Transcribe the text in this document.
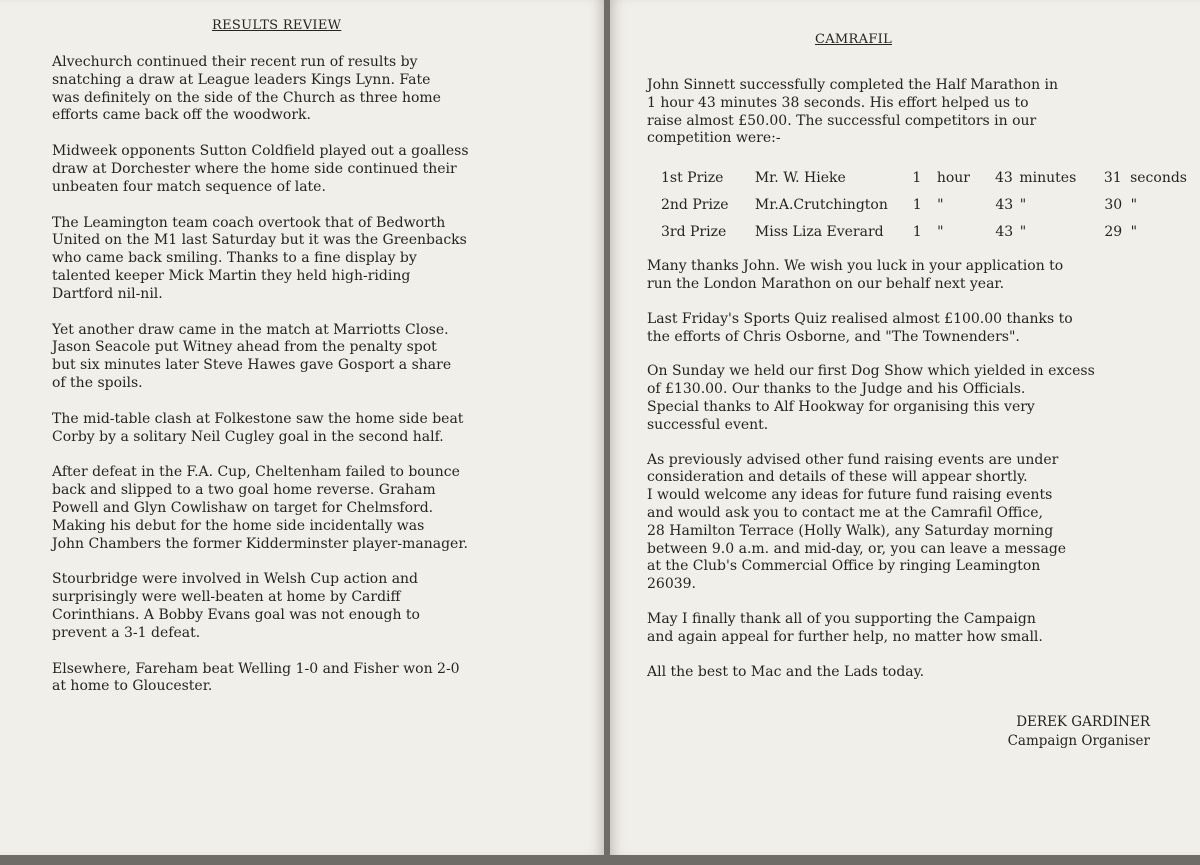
RESULTS REVIEW

Alvechurch continued their recent run of results by
snatching a draw at League leaders Kings Lynn. Fate
was definitely on the side of the Church as three home
efforts came back off the woodwork.

Midweek opponents Sutton Coldfield played out a goalless
draw at Dorchester where the home side continued their
unbeaten four match sequence of late.

The Leamington team coach overtook that of Bedworth
United on the M1 last Saturday but it was the Greenbacks
who came back smiling. Thanks to a fine display by
talented keeper Mick Martin they held high-riding
Dartford nil-nil.

Yet another draw came in the match at Marriotts Close.
Jason Seacole put Witney ahead from the penalty spot
but six minutes later Steve Hawes gave Gosport a share
of the spoils.

The mid-table clash at Folkestone saw the home side beat
Corby by a solitary Neil Cugley goal in the second half.

After defeat in the F.A. Cup, Cheltenham failed to bounce
back and slipped to a two goal home reverse. Graham
Powell and Glyn Cowlishaw on target for Chelmsford.
Making his debut for the home side incidentally was
John Chambers the former Kidderminster player-manager.

Stourbridge were involved in Welsh Cup action and
surprisingly were well-beaten at home by Cardiff
Corinthians. A Bobby Evans goal was not enough to
prevent a 3-1 defeat.

Elsewhere, Fareham beat Welling 1-0 and Fisher won 2-0
at home to Gloucester.

CAMRAFIL

John Sinnett successfully completed the Half Marathon in
1 hour 43 minutes 38 seconds. His effort helped us to
raise almost £50.00. The successful competitors in our
competition were:-

1st Prize	Mr. W. Hieke	1	hour	43 minutes	31 seconds
2nd Prize	Mr.A.Crutchington	1	"	43 "	30 "
3rd Prize	Miss Liza Everard	1	"	43 "	29 "

Many thanks John. We wish you luck in your application to
run the London Marathon on our behalf next year.

Last Friday's Sports Quiz realised almost £100.00 thanks to
the efforts of Chris Osborne, and "The Townenders".

On Sunday we held our first Dog Show which yielded in excess
of £130.00. Our thanks to the Judge and his Officials.
Special thanks to Alf Hookway for organising this very
successful event.

As previously advised other fund raising events are under
consideration and details of these will appear shortly.
I would welcome any ideas for future fund raising events
and would ask you to contact me at the Camrafil Office,
28 Hamilton Terrace (Holly Walk), any Saturday morning
between 9.0 a.m. and mid-day, or, you can leave a message
at the Club's Commercial Office by ringing Leamington
26039.

May I finally thank all of you supporting the Campaign
and again appeal for further help, no matter how small.

All the best to Mac and the Lads today.

DEREK GARDINER
Campaign Organiser
